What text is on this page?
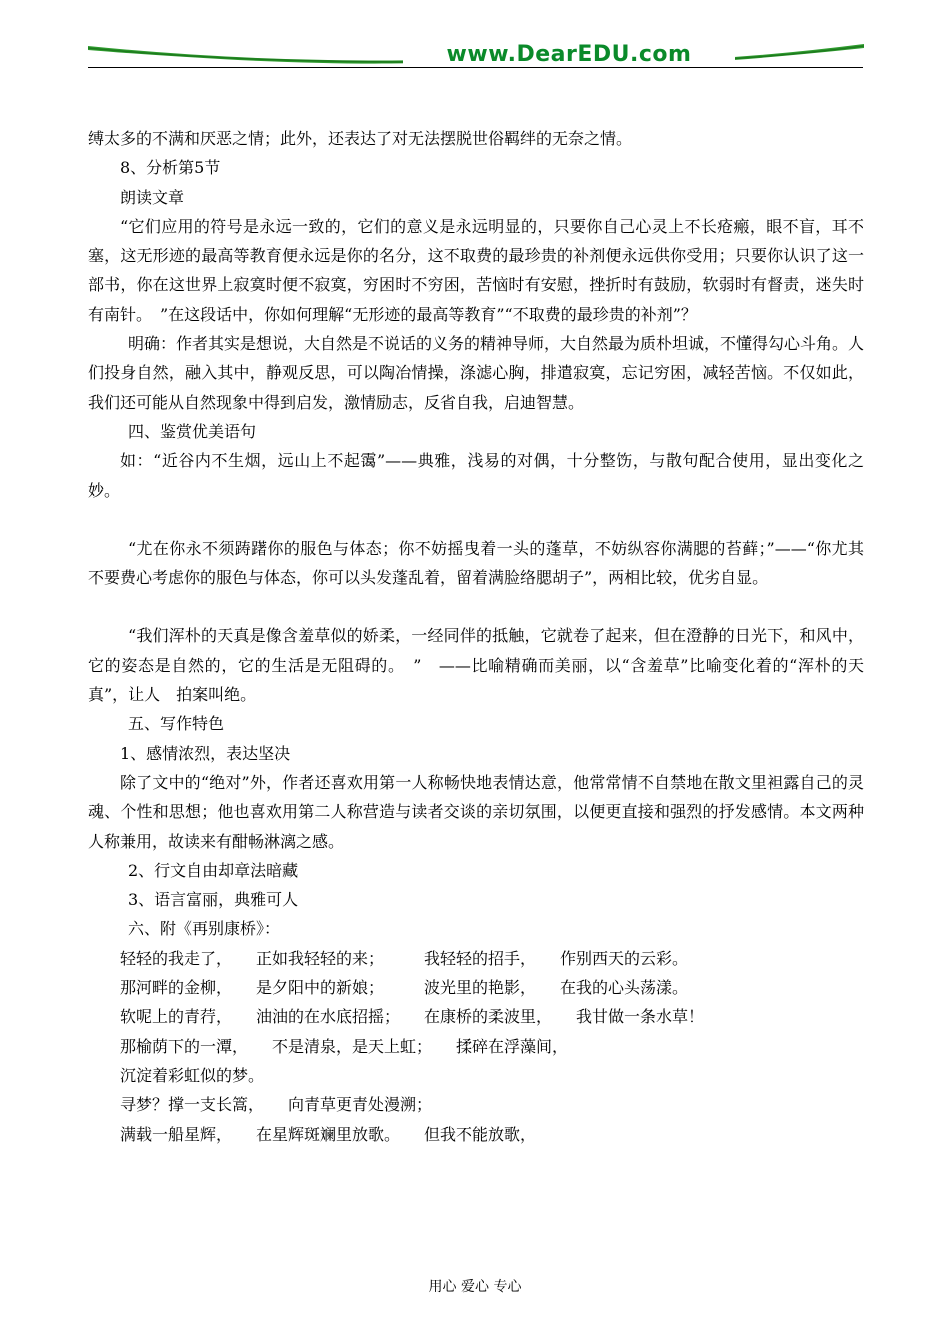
www.DearEDU.com

缚太多的不满和厌恶之情；此外，还表达了对无法摆脱世俗羁绊的无奈之情。

8、分析第5节

朗读文章

“它们应用的符号是永远一致的，它们的意义是永远明显的，只要你自己心灵上不长疮瘢，眼不盲，耳不塞，这无形迹的最高等教育便永远是你的名分，这不取费的最珍贵的补剂便永远供你受用；只要你认识了这一部书，你在这世界上寂寞时便不寂寞，穷困时不穷困，苦恼时有安慰，挫折时有鼓励，软弱时有督责，迷失时有南针。　”在这段话中，你如何理解“无形迹的最高等教育”“不取费的最珍贵的补剂”？

明确：作者其实是想说，大自然是不说话的义务的精神导师，大自然最为质朴坦诚，不懂得勾心斗角。人们投身自然，融入其中，静观反思，可以陶冶情操，涤滤心胸，排遣寂寞，忘记穷困，减轻苦恼。不仅如此，我们还可能从自然现象中得到启发，激情励志，反省自我，启迪智慧。

四、鉴赏优美语句

如：“近谷内不生烟，远山上不起霭”——典雅，浅易的对偶，十分整饬，与散句配合使用，显出变化之妙。

“尤在你永不须踌躇你的服色与体态；你不妨摇曳着一头的蓬草，不妨纵容你满腮的苔藓；”——“你尤其不要费心考虑你的服色与体态，你可以头发蓬乱着，留着满脸络腮胡子”，两相比较，优劣自显。

“我们浑朴的天真是像含羞草似的娇柔，一经同伴的抵触，它就卷了起来，但在澄静的日光下，和风中，它的姿态是自然的，它的生活是无阻碍的。　”　——比喻精确而美丽，以“含羞草”比喻变化着的“浑朴的天真”，让人　拍案叫绝。

五、写作特色

1、感情浓烈，表达坚决

除了文中的“绝对”外，作者还喜欢用第一人称畅快地表情达意，他常常情不自禁地在散文里袒露自己的灵魂、个性和思想；他也喜欢用第二人称营造与读者交谈的亲切氛围，以便更直接和强烈的抒发感情。本文两种人称兼用，故读来有酣畅淋漓之感。

2、行文自由却章法暗藏

3、语言富丽，典雅可人

六、附《再别康桥》：

轻轻的我走了，　　正如我轻轻的来；　　　我轻轻的招手，　　作别西天的云彩。

那河畔的金柳，　　是夕阳中的新娘；　　　波光里的艳影，　　在我的心头荡漾。

软呢上的青荇，　　油油的在水底招摇；　　在康桥的柔波里，　　我甘做一条水草！

那榆荫下的一潭，　　不是清泉，是天上虹；　　揉碎在浮藻间，

沉淀着彩虹似的梦。

寻梦？撑一支长篙，　　向青草更青处漫溯；

满载一船星辉，　　在星辉斑斓里放歌。　　但我不能放歌，

用心 爱心 专心
